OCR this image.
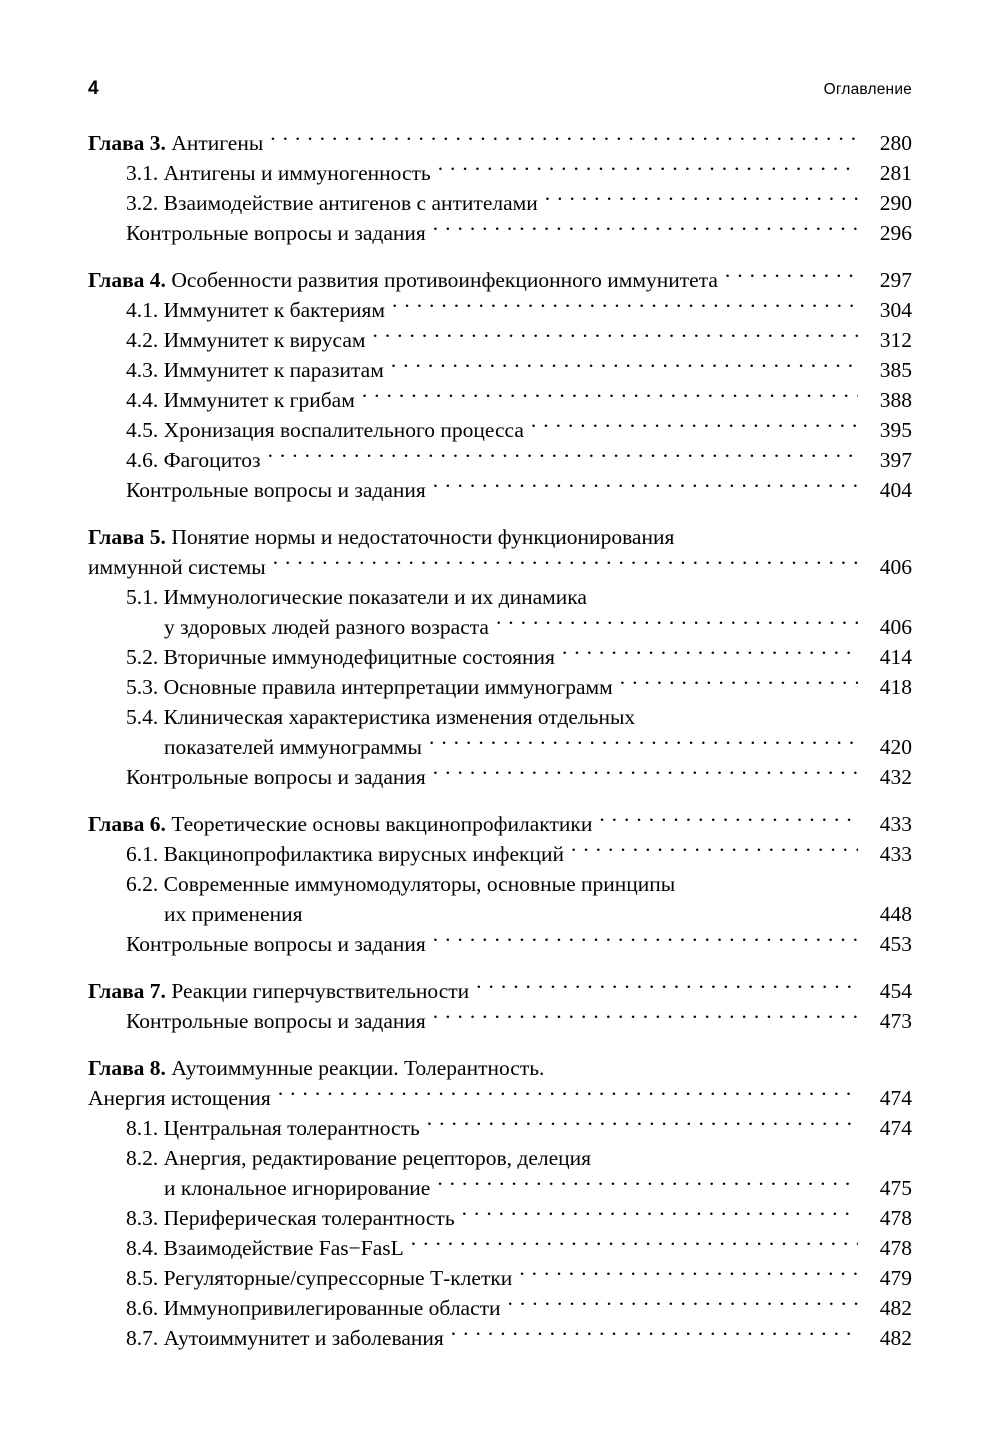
4	Оглавление
Глава 3. Антигены . . .	280
3.1. Антигены и иммуногенность . . .	281
3.2. Взаимодействие антигенов с антителами . . .	290
Контрольные вопросы и задания . . .	296
Глава 4. Особенности развития противоинфекционного иммунитета . . .	297
4.1. Иммунитет к бактериям . . .	304
4.2. Иммунитет к вирусам . . .	312
4.3. Иммунитет к паразитам . . .	385
4.4. Иммунитет к грибам . . .	388
4.5. Хронизация воспалительного процесса . . .	395
4.6. Фагоцитоз . . .	397
Контрольные вопросы и задания . . .	404
Глава 5. Понятие нормы и недостаточности функционирования
иммунной системы . . .	406
5.1. Иммунологические показатели и их динамика
у здоровых людей разного возраста . . .	406
5.2. Вторичные иммунодефицитные состояния . . .	414
5.3. Основные правила интерпретации иммунограмм . . .	418
5.4. Клиническая характеристика изменения отдельных
показателей иммунограммы . . .	420
Контрольные вопросы и задания . . .	432
Глава 6. Теоретические основы вакцинопрофилактики . . .	433
6.1. Вакцинопрофилактика вирусных инфекций . . .	433
6.2. Современные иммуномодуляторы, основные принципы
их применения	448
Контрольные вопросы и задания . . .	453
Глава 7. Реакции гиперчувствительности . . .	454
Контрольные вопросы и задания . . .	473
Глава 8. Аутоиммунные реакции. Толерантность.
Анергия истощения . . .	474
8.1. Центральная толерантность . . .	474
8.2. Анергия, редактирование рецепторов, делеция
и клональное игнорирование . . .	475
8.3. Периферическая толерантность . . .	478
8.4. Взаимодействие Fas−FasL . . .	478
8.5. Регуляторные/супрессорные Т-клетки . . .	479
8.6. Иммунопривилегированные области . . .	482
8.7. Аутоиммунитет и заболевания . . .	482
